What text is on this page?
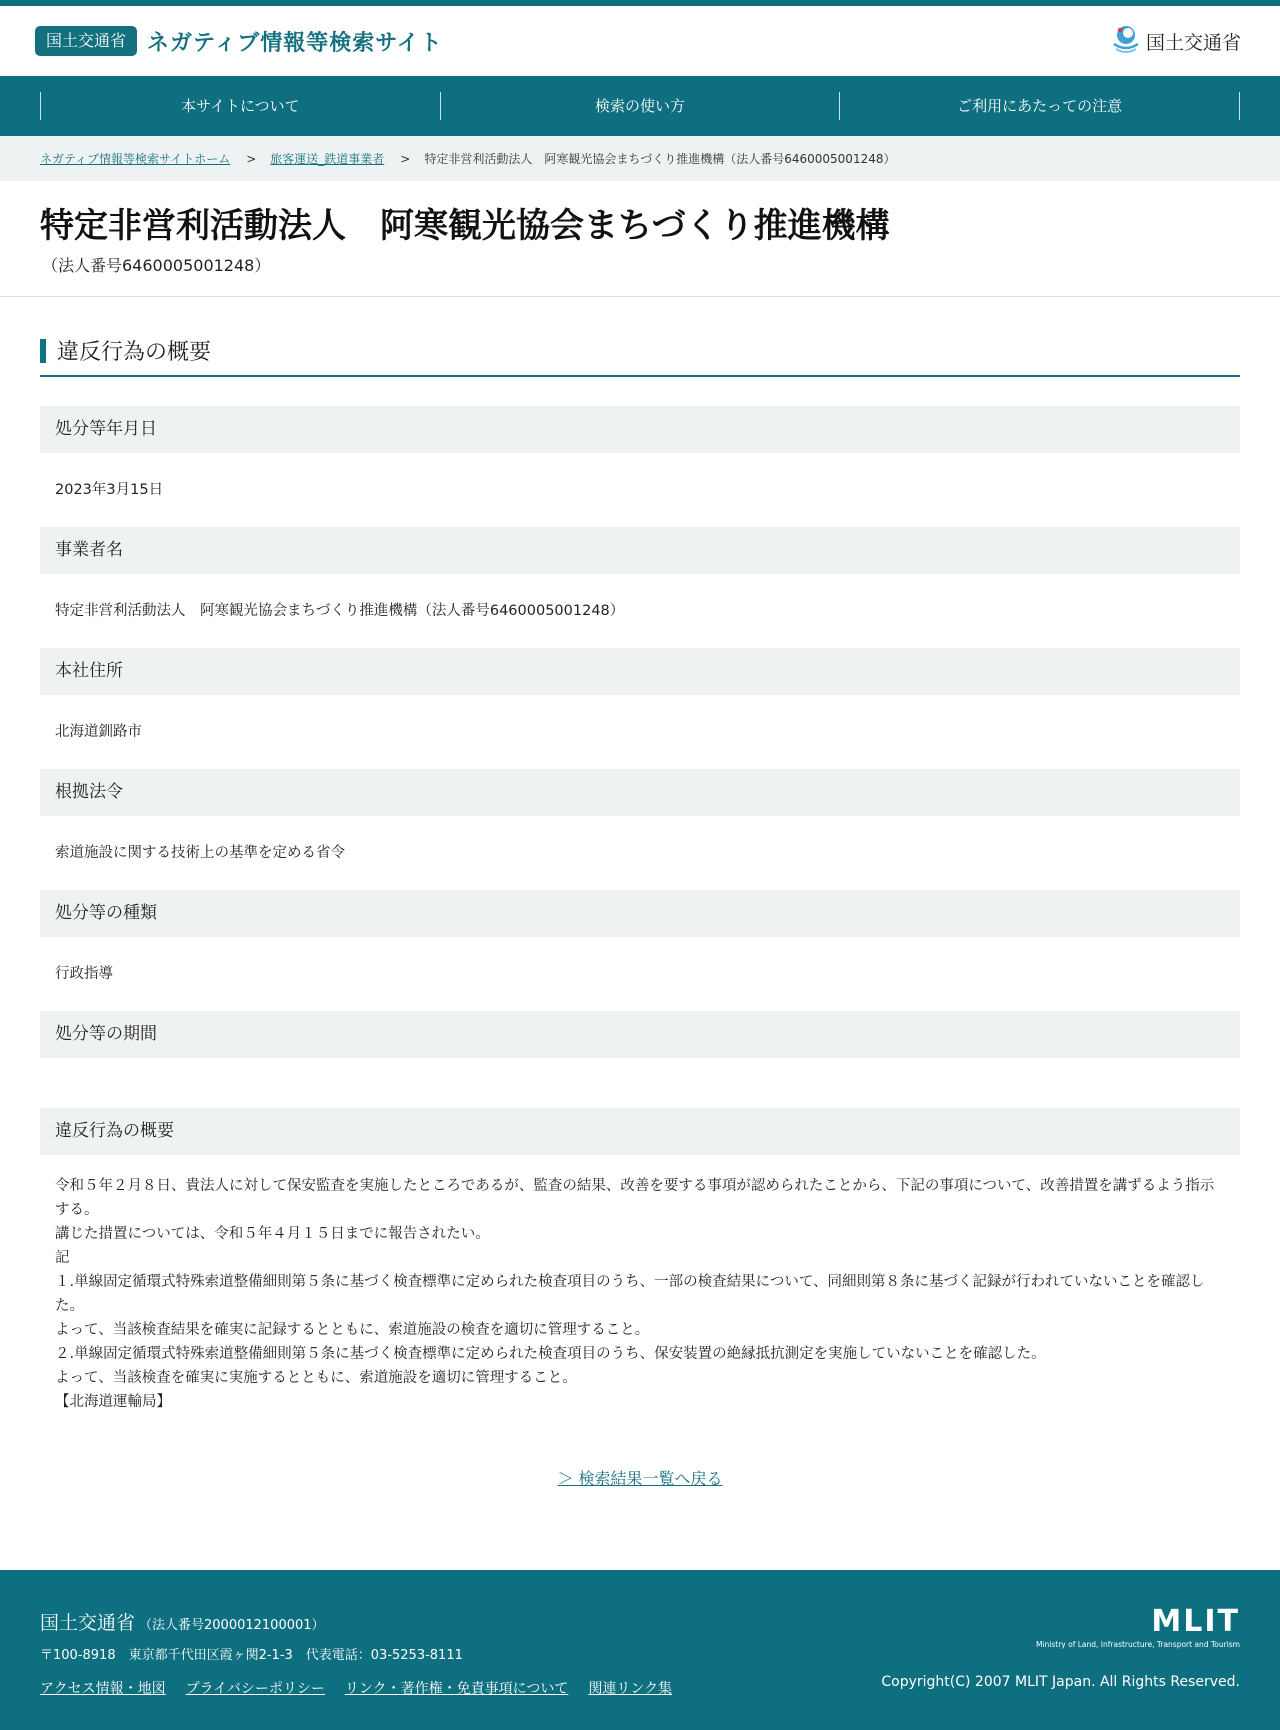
国土交通省 ネガティブ情報等検索サイト	国土交通省
本サイトについて	検索の使い方	ご利用にあたっての注意
ネガティブ情報等検索サイトホーム > 旅客運送_鉄道事業者 > 特定非営利活動法人　阿寒観光協会まちづくり推進機構（法人番号6460005001248）
特定非営利活動法人　阿寒観光協会まちづくり推進機構
（法人番号6460005001248）
違反行為の概要
処分等年月日
2023年3月15日
事業者名
特定非営利活動法人　阿寒観光協会まちづくり推進機構（法人番号6460005001248）
本社住所
北海道釧路市
根拠法令
索道施設に関する技術上の基準を定める省令
処分等の種類
行政指導
処分等の期間
違反行為の概要

令和５年２月８日、貴法人に対して保安監査を実施したところであるが、監査の結果、改善を要する事項が認められたことから、下記の事項について、改善措置を講ずるよう指示する。

講じた措置については、令和５年４月１５日までに報告されたい。

記

１.単線固定循環式特殊索道整備細則第５条に基づく検査標準に定められた検査項目のうち、一部の検査結果について、同細則第８条に基づく記録が行われていないことを確認した。

よって、当該検査結果を確実に記録するとともに、索道施設の検査を適切に管理すること。

２.単線固定循環式特殊索道整備細則第５条に基づく検査標準に定められた検査項目のうち、保安装置の絶縁抵抗測定を実施していないことを確認した。

よって、当該検査を確実に実施するとともに、索道施設を適切に管理すること。

【北海道運輸局】

＞ 検索結果一覧へ戻る
国土交通省 （法人番号2000012100001）
〒100-8918　東京都千代田区霞ヶ関2-1-3　代表電話：03-5253-8111
アクセス情報・地図 プライバシーポリシー リンク・著作権・免責事項について 関連リンク集
MLIT
Ministry of Land, Infrastructure, Transport and Tourism
Copyright(C) 2007 MLIT Japan. All Rights Reserved.
